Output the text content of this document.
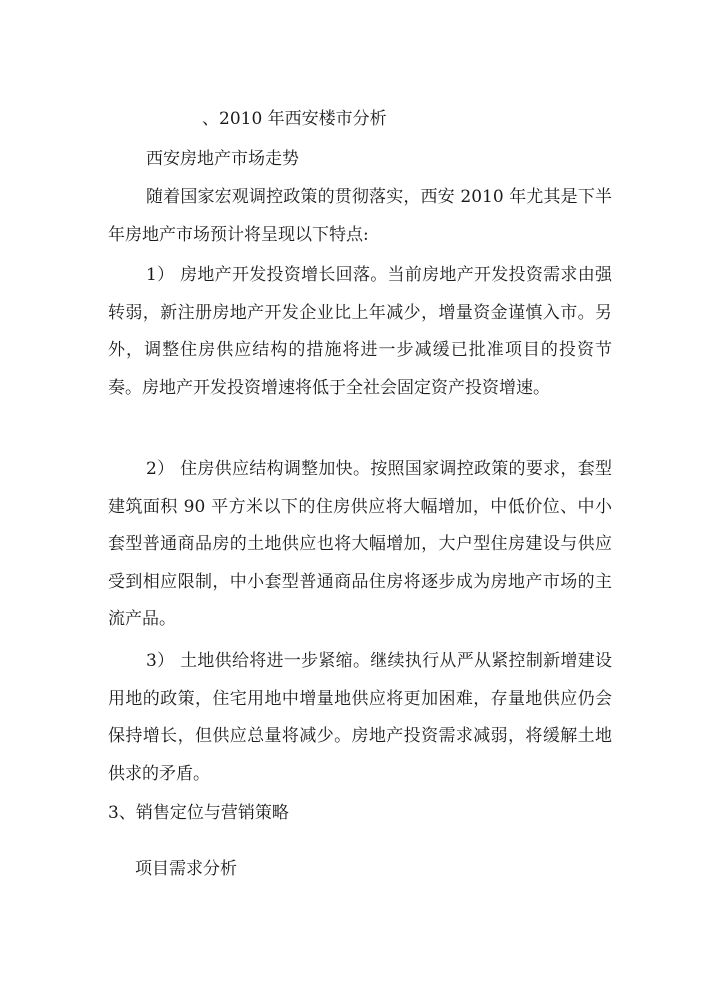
、2010 年西安楼市分析
西安房地产市场走势

随着国家宏观调控政策的贯彻落实，西安 2010 年尤其是下半年房地产市场预计将呈现以下特点:

1） 房地产开发投资增长回落。当前房地产开发投资需求由强转弱，新注册房地产开发企业比上年减少，增量资金谨慎入市。另外，调整住房供应结构的措施将进一步减缓已批准项目的投资节奏。房地产开发投资增速将低于全社会固定资产投资增速。

2） 住房供应结构调整加快。按照国家调控政策的要求，套型建筑面积 90 平方米以下的住房供应将大幅增加，中低价位、中小套型普通商品房的土地供应也将大幅增加，大户型住房建设与供应受到相应限制，中小套型普通商品住房将逐步成为房地产市场的主流产品。

3） 土地供给将进一步紧缩。继续执行从严从紧控制新增建设用地的政策，住宅用地中增量地供应将更加困难，存量地供应仍会保持增长，但供应总量将减少。房地产投资需求减弱，将缓解土地供求的矛盾。

3、销售定位与营销策略
项目需求分析
